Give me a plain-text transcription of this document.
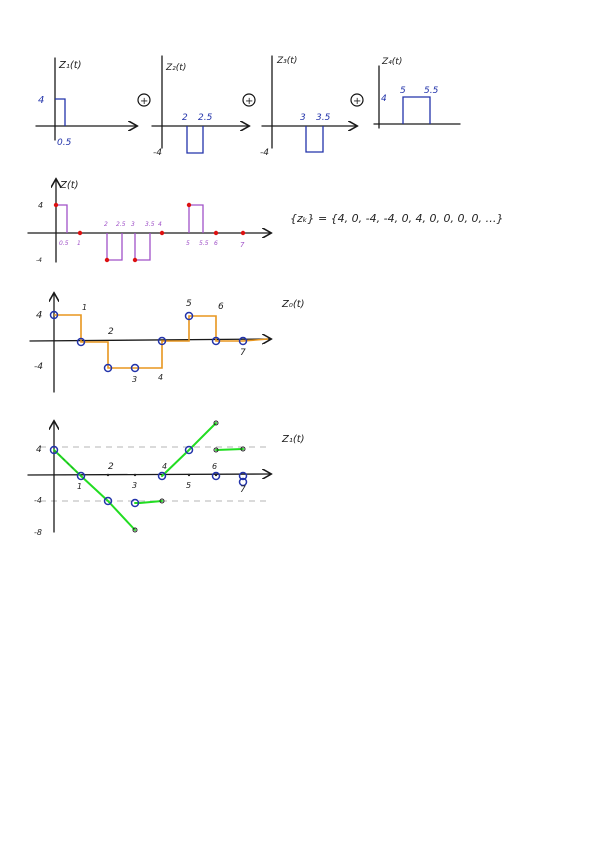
Z₁(t)
4
0.5
+
Z₂(t)
2 2.5
-4
+
Z₃(t)
3 3.5
-4
+
Z₄(t)
5 5.5
4
Z(t)
4
-4
0.5 1
2 2.5 3 3.5 4
5 5.5 6	7
{zₖ} = {4, 0, -4, -4, 0, 4, 0, 0, 0, 0, …}
Z₀(t)
4
-4
1
2
3	4
5	6
7
Z₁(t)
4
-4
-8
1
2
3
4
5
6
7
